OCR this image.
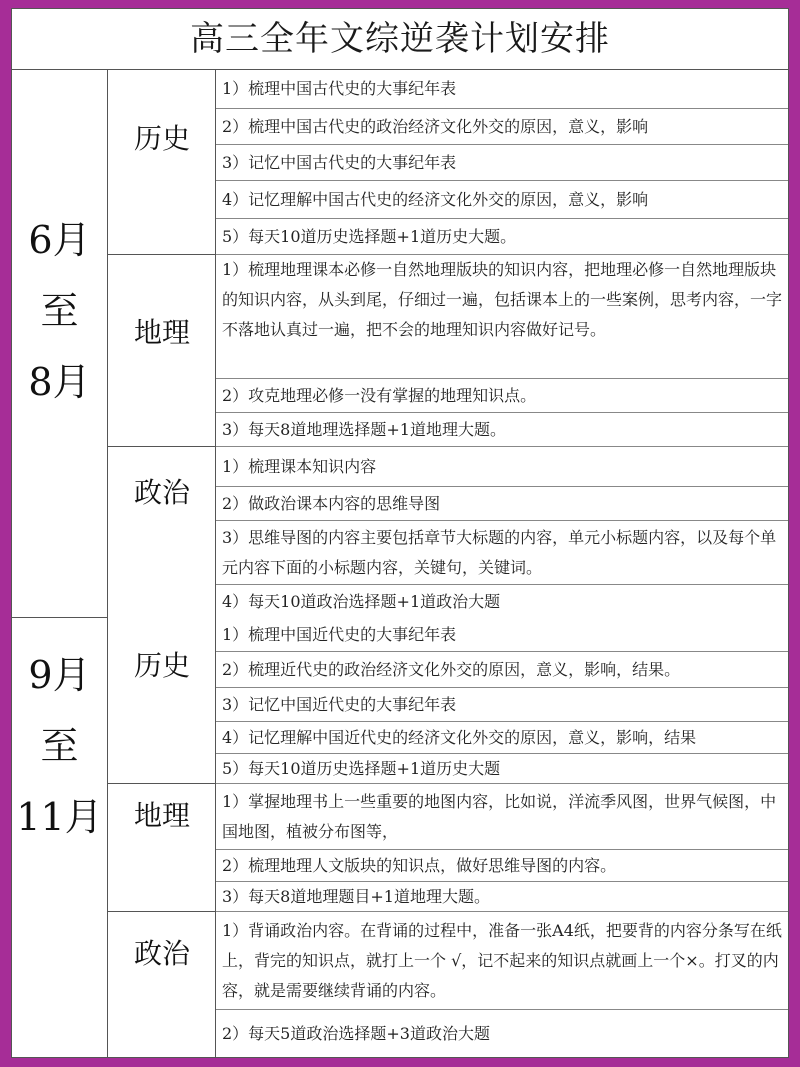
高三全年文综逆袭计划安排
6月
至
8月
历史
1）梳理中国古代史的大事纪年表
2）梳理中国古代史的政治经济文化外交的原因，意义，影响
3）记忆中国古代史的大事纪年表
4）记忆理解中国古代史的经济文化外交的原因，意义，影响
5）每天10道历史选择题+1道历史大题。
地理
1）梳理地理课本必修一自然地理版块的知识内容，把地理必修一自然地理版块的知识内容，从头到尾，仔细过一遍，包括课本上的一些案例，思考内容，一字不落地认真过一遍，把不会的地理知识内容做好记号。
2）攻克地理必修一没有掌握的地理知识点。
3）每天8道地理选择题+1道地理大题。
政治
1）梳理课本知识内容
2）做政治课本内容的思维导图
3）思维导图的内容主要包括章节大标题的内容，单元小标题内容，以及每个单元内容下面的小标题内容，关键句，关键词。
4）每天10道政治选择题+1道政治大题
9月
至
11月
历史
1）梳理中国近代史的大事纪年表
2）梳理近代史的政治经济文化外交的原因，意义，影响，结果。
3）记忆中国近代史的大事纪年表
4）记忆理解中国近代史的经济文化外交的原因，意义，影响，结果
5）每天10道历史选择题+1道历史大题
地理	1）掌握地理书上一些重要的地图内容，比如说，洋流季风图，世界气候图，中国地图，植被分布图等，
2）梳理地理人文版块的知识点，做好思维导图的内容。
3）每天8道地理题目+1道地理大题。
政治
1）背诵政治内容。在背诵的过程中，准备一张A4纸，把要背的内容分条写在纸上，背完的知识点，就打上一个 √，记不起来的知识点就画上一个×。打叉的内容，就是需要继续背诵的内容。
2）每天5道政治选择题+3道政治大题
